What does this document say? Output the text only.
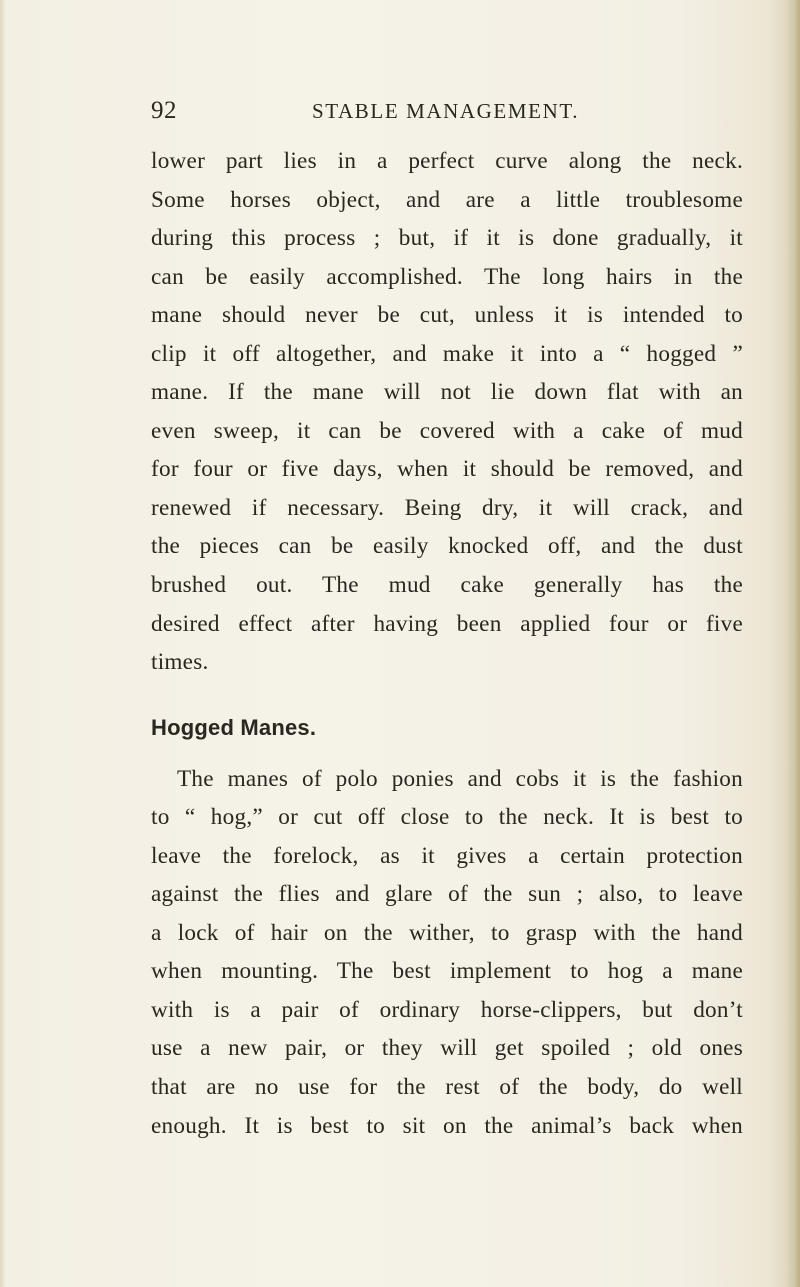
92	STABLE MANAGEMENT.
lower part lies in a perfect curve along the neck.
Some horses object, and are a little troublesome
during this process ; but, if it is done gradually, it
can be easily accomplished. The long hairs in the
mane should never be cut, unless it is intended to
clip it off altogether, and make it into a “ hogged ”
mane. If the mane will not lie down flat with an
even sweep, it can be covered with a cake of mud
for four or five days, when it should be removed, and
renewed if necessary. Being dry, it will crack, and
the pieces can be easily knocked off, and the dust
brushed out. The mud cake generally has the
desired effect after having been applied four or five
times.
Hogged Manes.
The manes of polo ponies and cobs it is the fashion
to “ hog,” or cut off close to the neck. It is best to
leave the forelock, as it gives a certain protection
against the flies and glare of the sun ; also, to leave
a lock of hair on the wither, to grasp with the hand
when mounting. The best implement to hog a mane
with is a pair of ordinary horse-clippers, but don’t
use a new pair, or they will get spoiled ; old ones
that are no use for the rest of the body, do well
enough. It is best to sit on the animal’s back when
